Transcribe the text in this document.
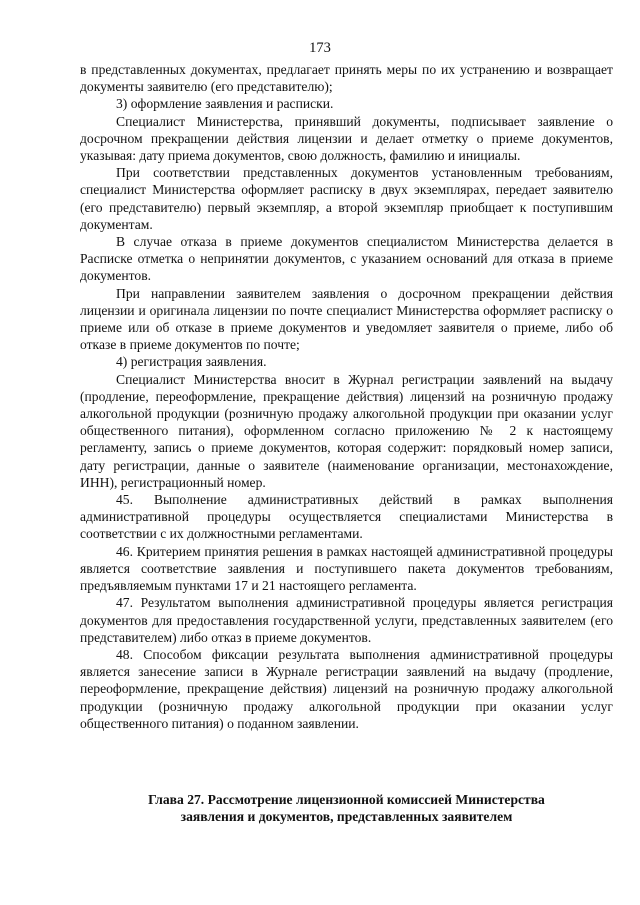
173

в представленных документах, предлагает принять меры по их устранению и возвращает документы заявителю (его представителю);

3) оформление заявления и расписки.

Специалист Министерства, принявший документы, подписывает заявление о досрочном прекращении действия лицензии и делает отметку о приеме документов, указывая: дату приема документов, свою должность, фамилию и инициалы.

При соответствии представленных документов установленным требованиям, специалист Министерства оформляет расписку в двух экземплярах, передает заявителю (его представителю) первый экземпляр, а второй экземпляр приобщает к поступившим документам.

В случае отказа в приеме документов специалистом Министерства делается в Расписке отметка о непринятии документов, с указанием оснований для отказа в приеме документов.

При направлении заявителем заявления о досрочном прекращении действия лицензии и оригинала лицензии по почте специалист Министерства оформляет расписку о приеме или об отказе в приеме документов и уведомляет заявителя о приеме, либо об отказе в приеме документов по почте;

4) регистрация заявления.

Специалист Министерства вносит в Журнал регистрации заявлений на выдачу (продление, переоформление, прекращение действия) лицензий на розничную продажу алкогольной продукции (розничную продажу алкогольной продукции при оказании услуг общественного питания), оформленном согласно приложению № 2 к настоящему регламенту, запись о приеме документов, которая содержит: порядковый номер записи, дату регистрации, данные о заявителе (наименование организации, местонахождение, ИНН), регистрационный номер.

45. Выполнение административных действий в рамках выполнения административной процедуры осуществляется специалистами Министерства в соответствии с их должностными регламентами.

46. Критерием принятия решения в рамках настоящей административной процедуры является соответствие заявления и поступившего пакета документов требованиям, предъявляемым пунктами 17 и 21 настоящего регламента.

47. Результатом выполнения административной процедуры является регистрация документов для предоставления государственной услуги, представленных заявителем (его представителем) либо отказ в приеме документов.

48. Способом фиксации результата выполнения административной процедуры является занесение записи в Журнале регистрации заявлений на выдачу (продление, переоформление, прекращение действия) лицензий на розничную продажу алкогольной продукции (розничную продажу алкогольной продукции при оказании услуг общественного питания) о поданном заявлении.

Глава 27. Рассмотрение лицензионной комиссией Министерства
заявления и документов, представленных заявителем
